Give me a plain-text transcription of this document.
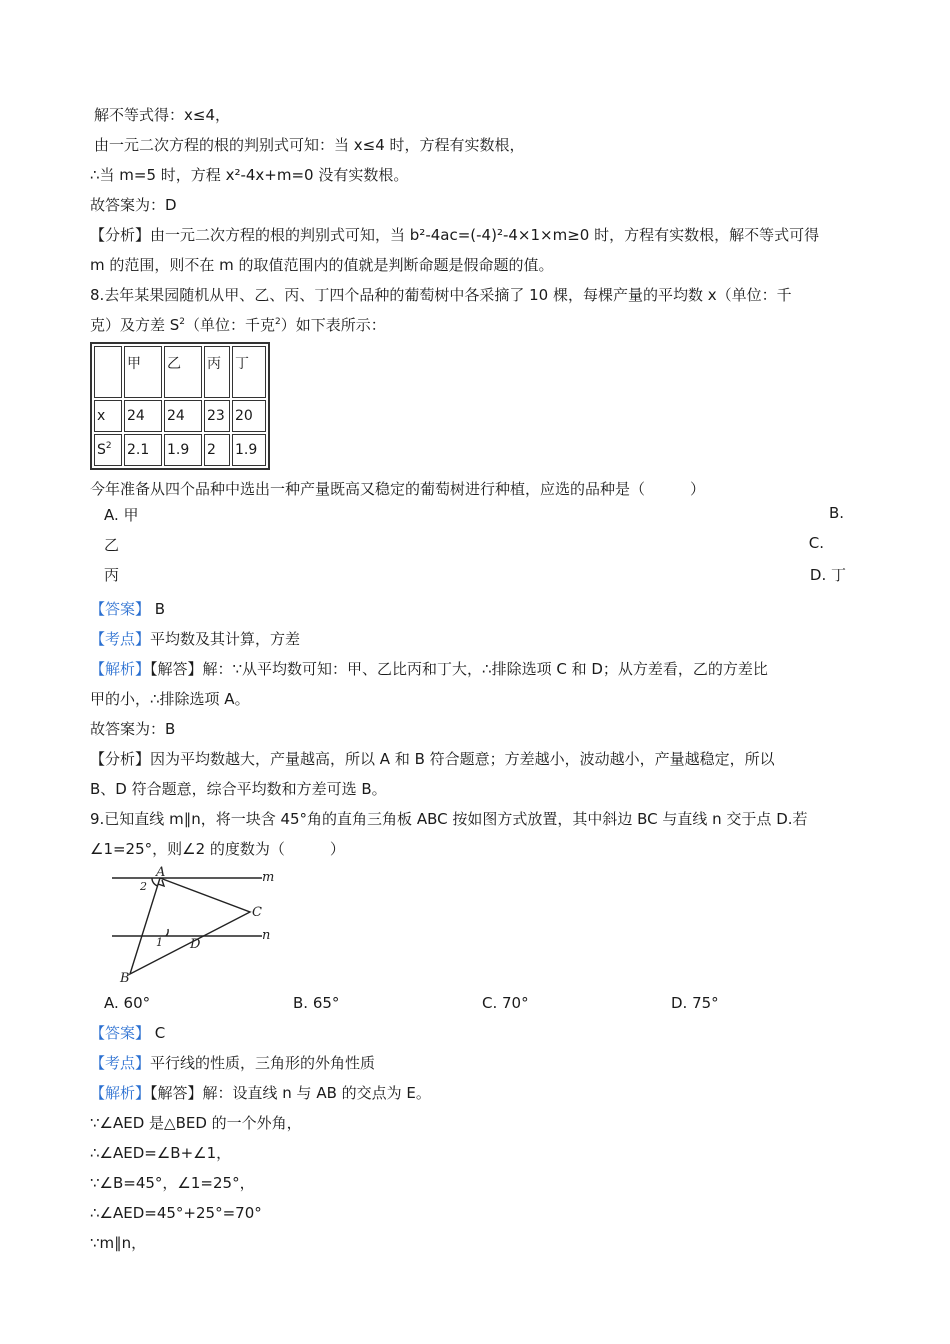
解不等式得：x≤4，
由一元二次方程的根的判别式可知：当 x≤4 时，方程有实数根，
∴当 m=5 时，方程 x²-4x+m=0 没有实数根。
故答案为：D
【分析】由一元二次方程的根的判别式可知，当 b²-4ac=(-4)²-4×1×m≥0 时，方程有实数根，解不等式可得
m 的范围，则不在 m 的取值范围内的值就是判断命题是假命题的值。
8.去年某果园随机从甲、乙、丙、丁四个品种的葡萄树中各采摘了 10 棵，每棵产量的平均数 x（单位：千
克）及方差 $S^2$（单位：千克$^2$）如下表所示：
	甲	乙	丙	丁
x	24	24	23	20
$S^2$	2.1	1.9	2	1.9
今年准备从四个品种中选出一种产量既高又稳定的葡萄树进行种植，应选的品种是（　　　）
A. 甲	B.
乙	C.
丙	D. 丁
【答案】 B
【考点】平均数及其计算，方差
【解析】【解答】解：∵从平均数可知：甲、乙比丙和丁大，∴排除选项 C 和 D；从方差看，乙的方差比
甲的小，∴排除选项 A。
故答案为：B
【分析】因为平均数越大，产量越高，所以 A 和 B 符合题意；方差越小，波动越小，产量越稳定，所以
B、D 符合题意，综合平均数和方差可选 B。
9.已知直线 m∥n，将一块含 45°角的直角三角板 ABC 按如图方式放置，其中斜边 BC 与直线 n 交于点 D.若
∠1=25°，则∠2 的度数为（　　　）
A	m
C
n
D
B
2
1
A. 60°	B. 65°	C. 70°	D. 75°
【答案】 C
【考点】平行线的性质，三角形的外角性质
【解析】【解答】解：设直线 n 与 AB 的交点为 E。
∵∠AED 是△BED 的一个外角，
∴∠AED=∠B+∠1，
∵∠B=45°，∠1=25°，
∴∠AED=45°+25°=70°
∵m∥n，
